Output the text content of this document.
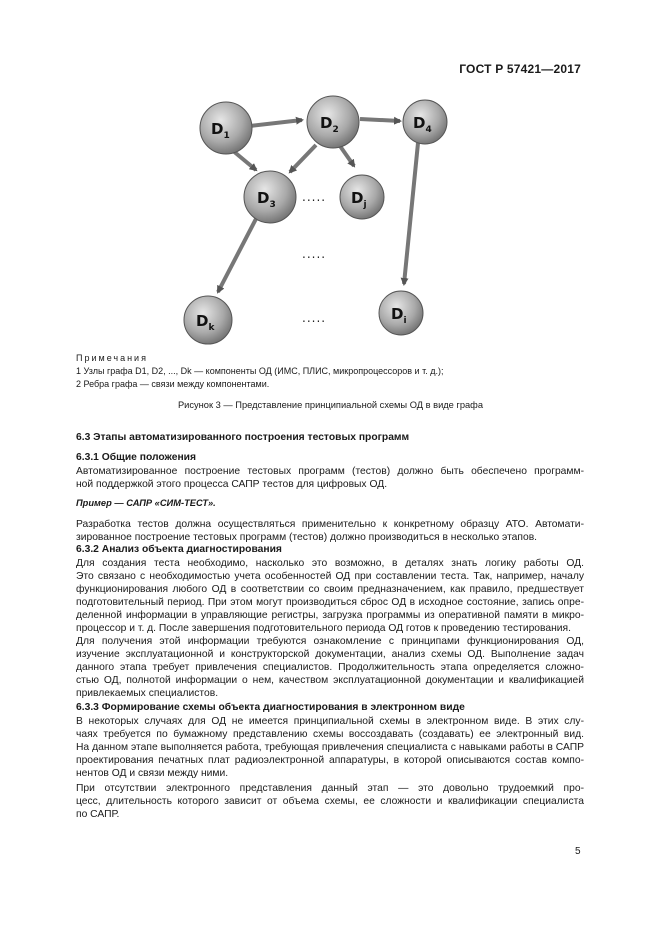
ГОСТ Р 57421—2017
$D_1$
$D_2$	$D_4$
$D_3$	$D_j$
$D_k$
$D_i$
.....
.....
.....
Примечания
1 Узлы графа D1, D2, ..., Dk — компоненты ОД (ИМС, ПЛИС, микропроцессоров и т. д.);
2 Ребра графа — связи между компонентами.
Рисунок 3 — Представление принципиальной схемы ОД в виде графа
6.3 Этапы автоматизированного построения тестовых программ
6.3.1 Общие положения
Автоматизированное построение тестовых программ (тестов) должно быть обеспечено программ-
ной поддержкой этого процесса САПР тестов для цифровых ОД.
Пример — САПР «СИМ-ТЕСТ».
Разработка тестов должна осуществляться применительно к конкретному образцу АТО. Автомати-
зированное построение тестовых программ (тестов) должно производиться в несколько этапов.
6.3.2 Анализ объекта диагностирования
Для создания теста необходимо, насколько это возможно, в деталях знать логику работы ОД.
Это связано с необходимостью учета особенностей ОД при составлении теста. Так, например, началу
функционирования любого ОД в соответствии со своим предназначением, как правило, предшествует
подготовительный период. При этом могут производиться сброс ОД в исходное состояние, запись опре-
деленной информации в управляющие регистры, загрузка программы из оперативной памяти в микро-
процессор и т. д. После завершения подготовительного периода ОД готов к проведению тестирования.
Для получения этой информации требуются ознакомление с принципами функционирования ОД,
изучение эксплуатационной и конструкторской документации, анализ схемы ОД. Выполнение задач
данного этапа требует привлечения специалистов. Продолжительность этапа определяется сложно-
стью ОД, полнотой информации о нем, качеством эксплуатационной документации и квалификацией
привлекаемых специалистов.
6.3.3 Формирование схемы объекта диагностирования в электронном виде
В некоторых случаях для ОД не имеется принципиальной схемы в электронном виде. В этих слу-
чаях требуется по бумажному представлению схемы воссоздавать (создавать) ее электронный вид.
На данном этапе выполняется работа, требующая привлечения специалиста с навыками работы в САПР
проектирования печатных плат радиоэлектронной аппаратуры, в которой описываются состав компо-
нентов ОД и связи между ними.
При отсутствии электронного представления данный этап — это довольно трудоемкий про-
цесс, длительность которого зависит от объема схемы, ее сложности и квалификации специалиста
по САПР.
5
